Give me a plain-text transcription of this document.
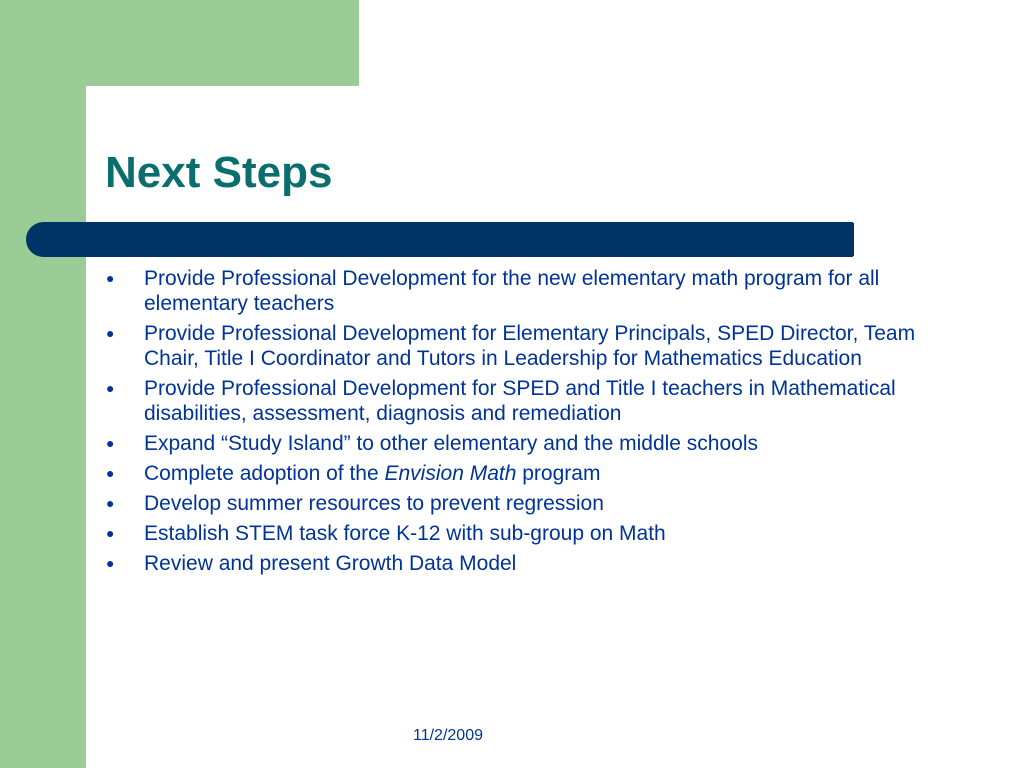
Next Steps
● Provide Professional Development for the new elementary math program for all elementary teachers
● Provide Professional Development for Elementary Principals, SPED Director, Team Chair, Title I Coordinator and Tutors in Leadership for Mathematics Education
● Provide Professional Development for SPED and Title I teachers in Mathematical disabilities, assessment, diagnosis and remediation
● Expand “Study Island” to other elementary and the middle schools
● Complete adoption of the Envision Math program
● Develop summer resources to prevent regression
● Establish STEM task force K-12 with sub-group on Math
● Review and present Growth Data Model
11/2/2009
